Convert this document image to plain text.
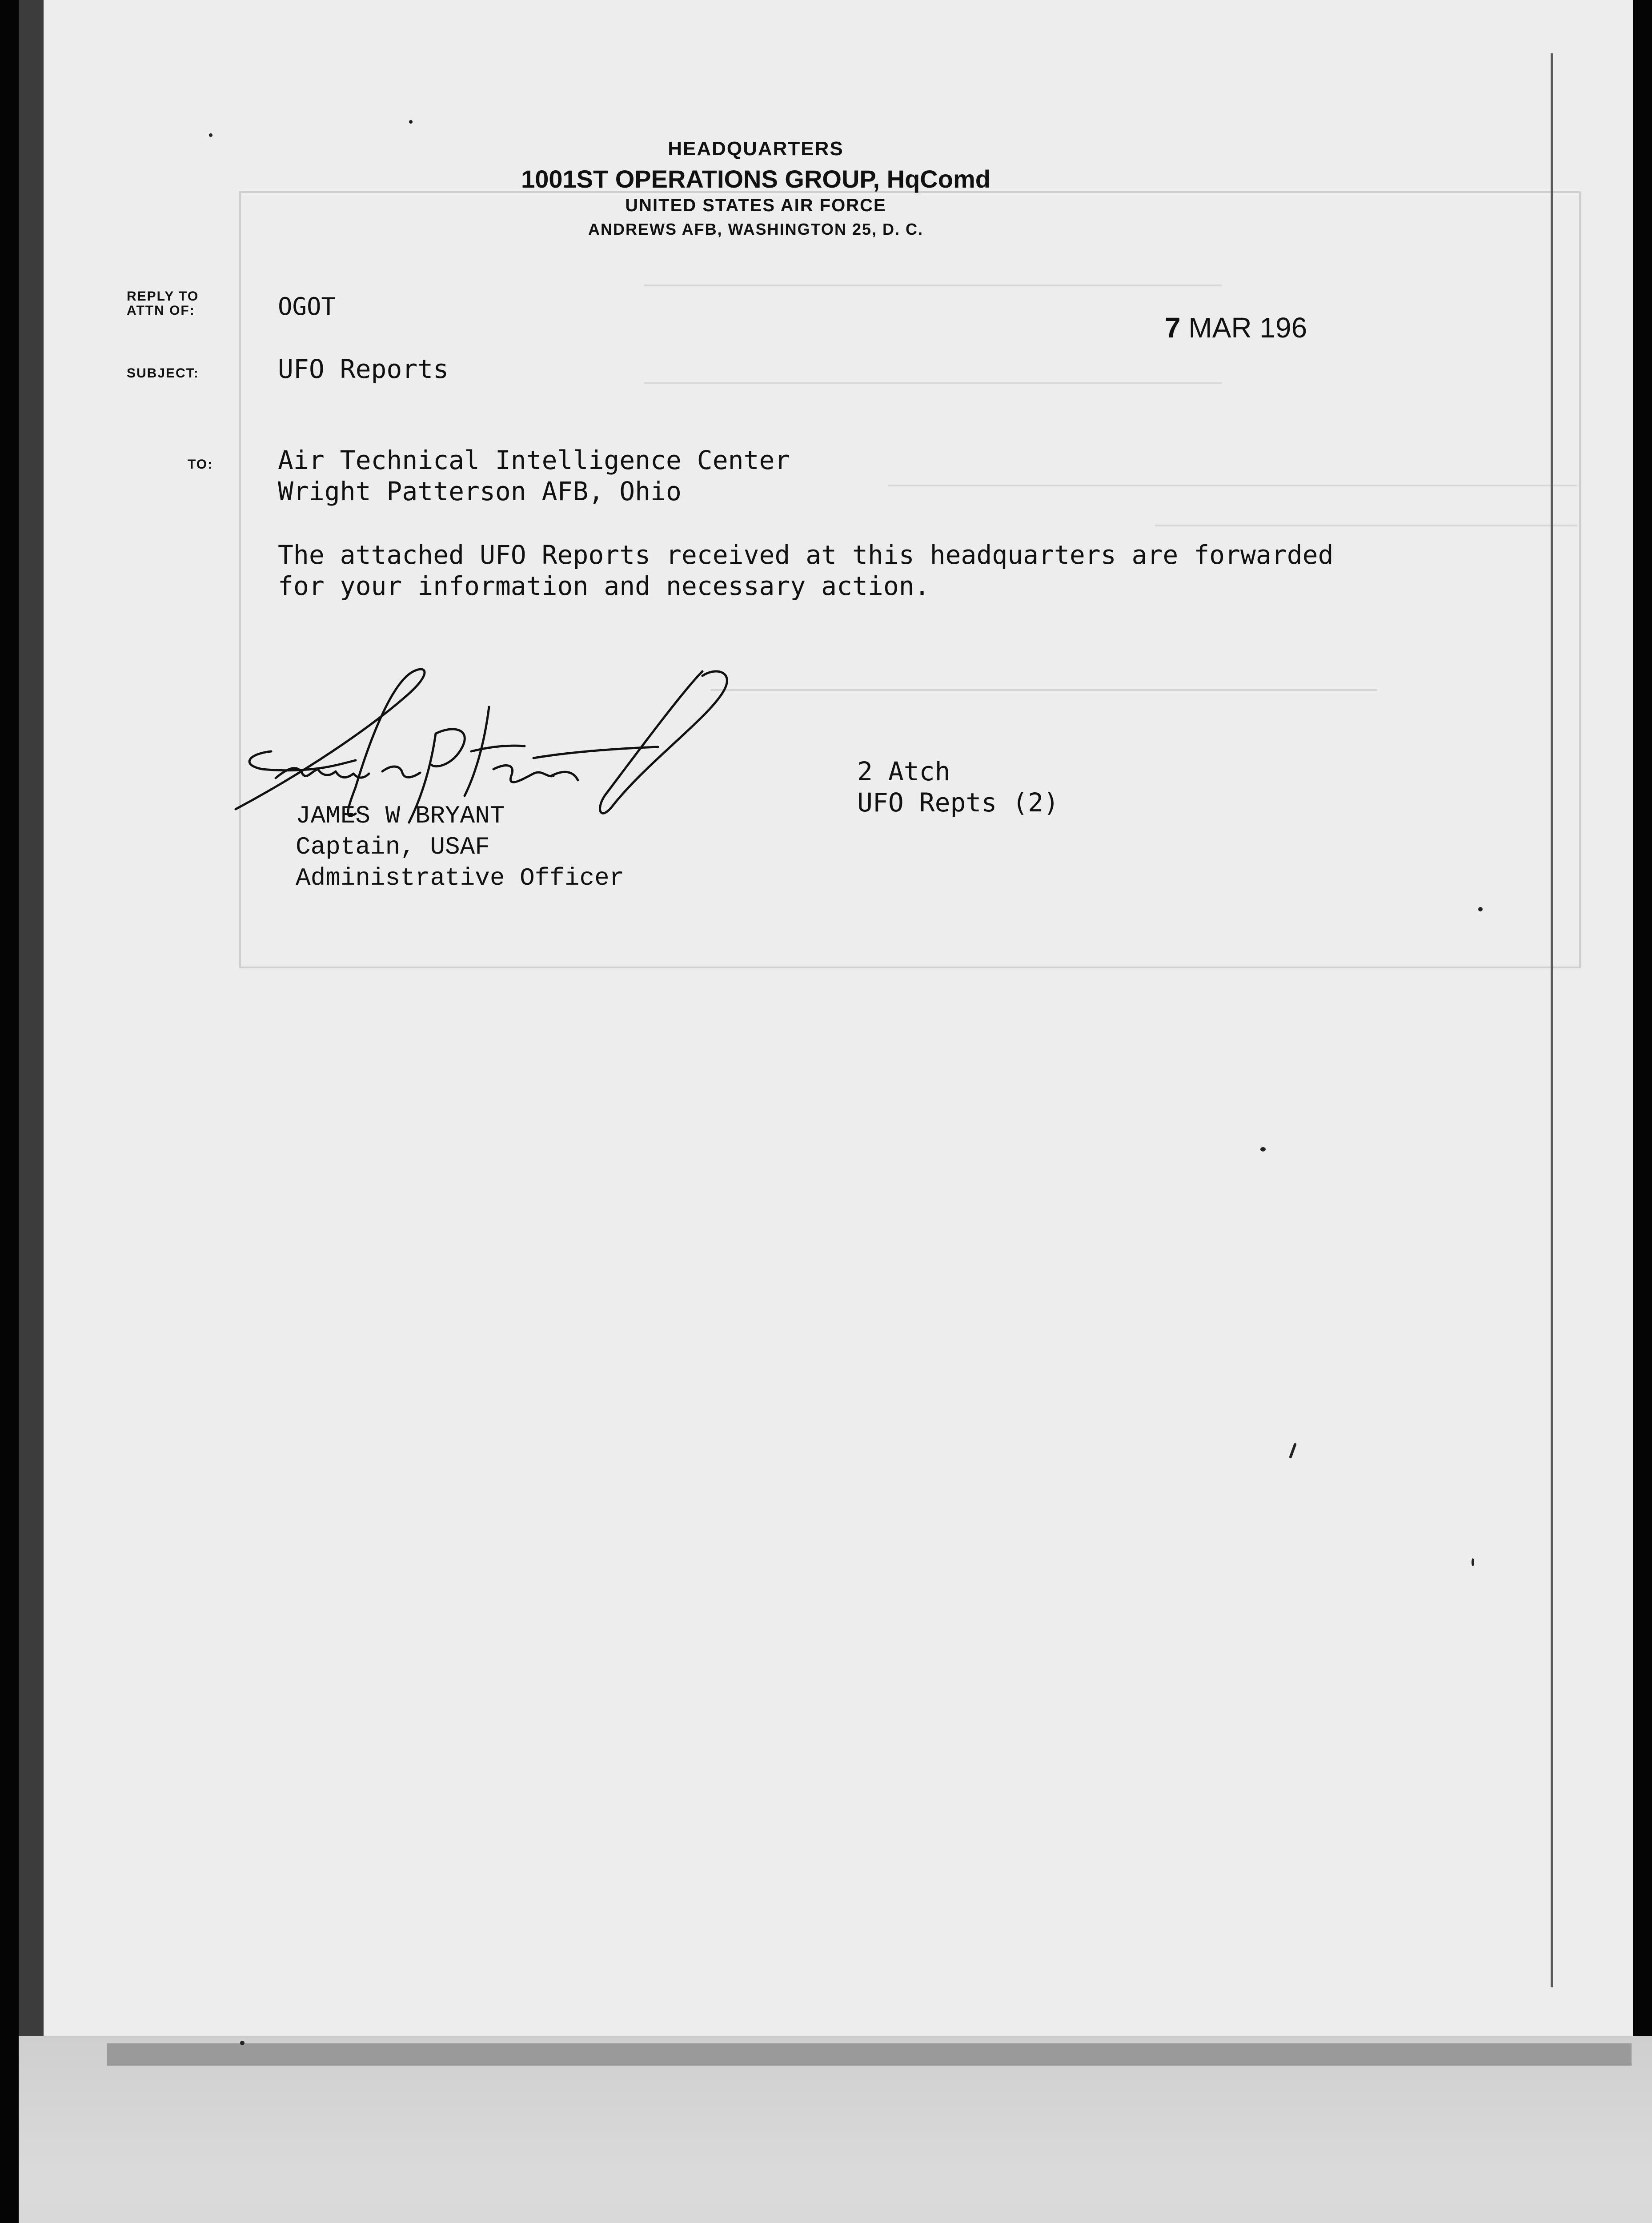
HEADQUARTERS
1001ST OPERATIONS GROUP, HqComd
UNITED STATES AIR FORCE
ANDREWS AFB, WASHINGTON 25, D. C.
REPLY TO
ATTN OF:	OGOT
7 MAR 196
SUBJECT:	UFO Reports
TO:	Air Technical Intelligence Center
Wright Patterson AFB, Ohio
The attached UFO Reports received at this headquarters are forwarded
for your information and necessary action.
JAMES W BRYANT
Captain, USAF
Administrative Officer
2 Atch
UFO Repts (2)
